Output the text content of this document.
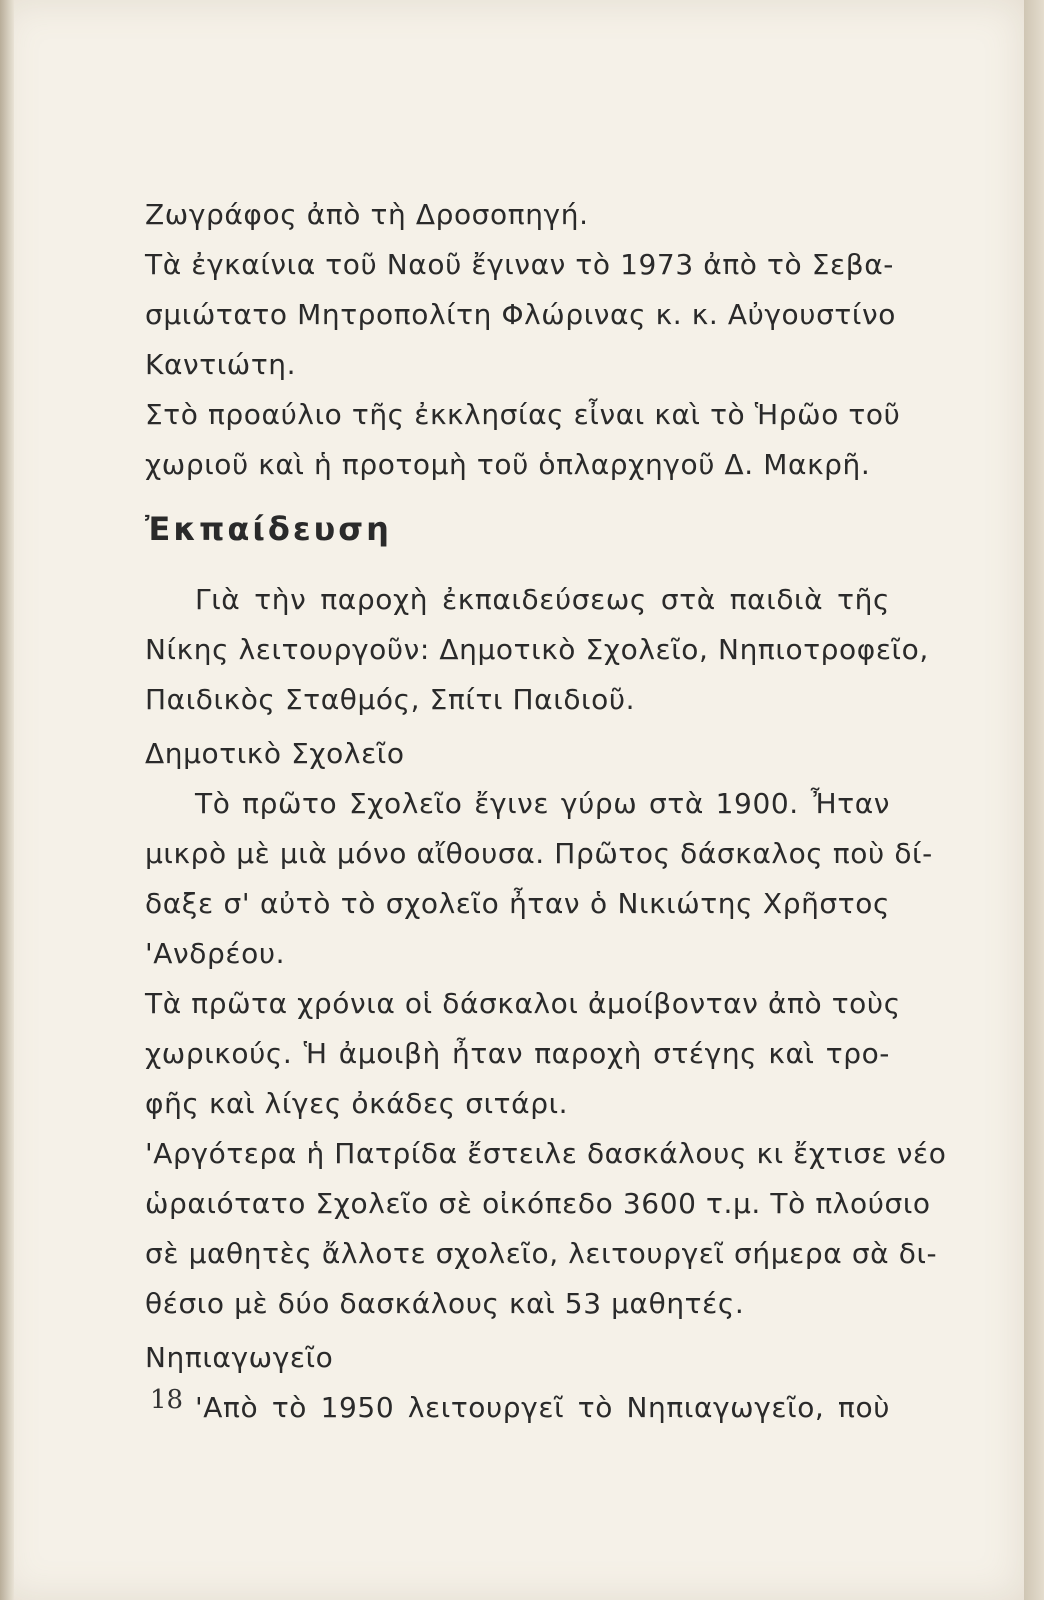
Ζωγράφος ἀπὸ τὴ Δροσοπηγή.
Τὰ ἐγκαίνια τοῦ Ναοῦ ἔγιναν τὸ 1973 ἀπὸ τὸ Σεβα-
σμιώτατο Μητροπολίτη Φλώρινας κ. κ. Αὐγουστίνο
Καντιώτη.
Στὸ προαύλιο τῆς ἐκκλησίας εἶναι καὶ τὸ Ἡρῶο τοῦ
χωριοῦ καὶ ἡ προτομὴ τοῦ ὁπλαρχηγοῦ Δ. Μακρῆ.
Ἐκπαίδευση
Γιὰ τὴν παροχὴ ἐκπαιδεύσεως στὰ παιδιὰ τῆς
Νίκης λειτουργοῦν: Δημοτικὸ Σχολεῖο, Νηπιοτροφεῖο,
Παιδικὸς Σταθμός, Σπίτι Παιδιοῦ.
Δημοτικὸ Σχολεῖο
Τὸ πρῶτο Σχολεῖο ἔγινε γύρω στὰ 1900. Ἦταν
μικρὸ μὲ μιὰ μόνο αἴθουσα. Πρῶτος δάσκαλος ποὺ δί-
δαξε σ' αὐτὸ τὸ σχολεῖο ἦταν ὁ Νικιώτης Χρῆστος
'Ανδρέου.
Τὰ πρῶτα χρόνια οἱ δάσκαλοι ἀμοίβονταν ἀπὸ τοὺς
χωρικούς. Ἡ ἀμοιβὴ ἦταν παροχὴ στέγης καὶ τρο-
φῆς καὶ λίγες ὀκάδες σιτάρι.
'Αργότερα ἡ Πατρίδα ἔστειλε δασκάλους κι ἔχτισε νέο
ὡραιότατο Σχολεῖο σὲ οἰκόπεδο 3600 τ.μ. Τὸ πλούσιο
σὲ μαθητὲς ἄλλοτε σχολεῖο, λειτουργεῖ σήμερα σὰ δι-
θέσιο μὲ δύο δασκάλους καὶ 53 μαθητές.
Νηπιαγωγεῖο
'Απὸ τὸ 1950 λειτουργεῖ τὸ Νηπιαγωγεῖο, ποὺ
18
